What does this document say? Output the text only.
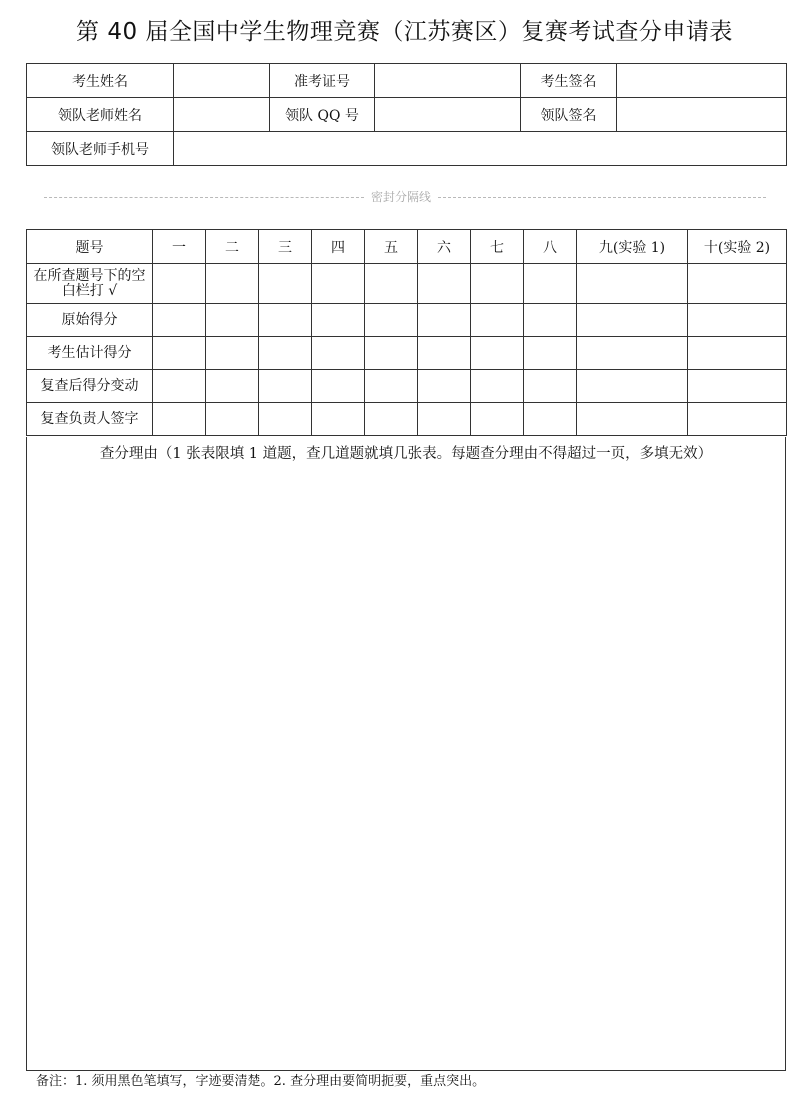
第 40 届全国中学生物理竞赛（江苏赛区）复赛考试查分申请表
考生姓名		准考证号		考生签名	
领队老师姓名		领队 QQ 号		领队签名	
领队老师手机号					
密封分隔线
题号	一	二	三	四	五	六	七	八	九(实验 1)	十(实验 2)
在所查题号下的空白栏打 √										
原始得分										
考生估计得分										
复查后得分变动										
复查负责人签字										
查分理由（1 张表限填 1 道题，查几道题就填几张表。每题查分理由不得超过一页，多填无效）
备注：1. 须用黑色笔填写，字迹要清楚。2. 查分理由要简明扼要，重点突出。
